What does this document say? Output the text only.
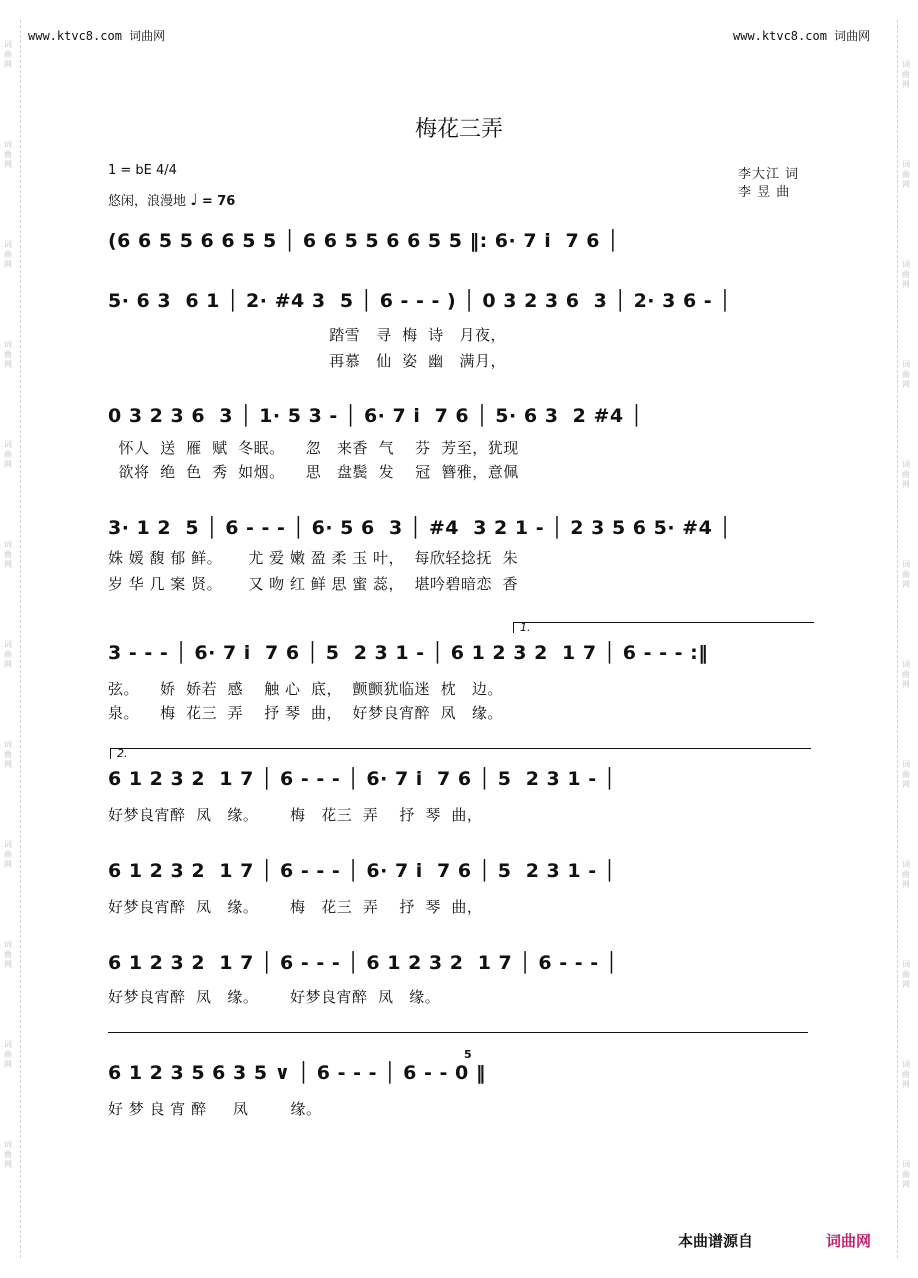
词曲网
词曲网
词曲网
词曲网
词曲网
词曲网
词曲网
词曲网
词曲网
词曲网
词曲网
词曲网
词曲网
词曲网
词曲网
词曲网
词曲网
词曲网
词曲网
词曲网
词曲网
词曲网
词曲网
词曲网
www.ktvc8.com 词曲网	www.ktvc8.com 词曲网
梅花三弄
1 = bE 4/4
悠闲，浪漫地 ♩ = 76
李大江 词
李 昱 曲
(6 6 5 5 6 6 5 5 │ 6 6 5 5 6 6 5 5 ‖: 6· 7 i  7 6 │
5· 6 3  6 1 │ 2· #4 3  5 │ 6 - - - ) │ 0 3 2 3 6  3 │ 2· 3 6 - │
踏雪   寻  梅  诗   月夜，
再慕   仙  姿  幽   满月，
0 3 2 3 6  3 │ 1· 5 3 - │ 6· 7 i  7 6 │ 5· 6 3  2 #4 │
怀人  送  雁  赋  冬眠。    忽   来香  气    芬  芳至，犹现
欲将  绝  色  秀  如烟。    思   盘鬓  发    冠  簪雅，意佩
3· 1 2  5 │ 6 - - - │ 6· 5 6  3 │ #4  3 2 1 - │ 2 3 5 6 5· #4 │
姝 媛 馥 郁 鲜。     尤 爱 嫩 盈 柔 玉 叶，  每欣轻捻抚  朱
岁 华 几 案 贤。     又 吻 红 鲜 思 蜜 蕊，  堪吟碧暗恋  香
1.
3 - - - │ 6· 7 i  7 6 │ 5  2 3 1 - │ 6 1 2 3 2  1 7 │ 6 - - - :‖
弦。    娇  娇若  感    触 心  底，  颤颤犹临迷  枕   边。
泉。    梅  花三  弄    抒 琴  曲，  好梦良宵醉  凤   缘。
2.
6 1 2 3 2  1 7 │ 6 - - - │ 6· 7 i  7 6 │ 5  2 3 1 - │
好梦良宵醉  凤   缘。      梅   花三  弄    抒  琴  曲，
6 1 2 3 2  1 7 │ 6 - - - │ 6· 7 i  7 6 │ 5  2 3 1 - │
好梦良宵醉  凤   缘。      梅   花三  弄    抒  琴  曲，
6 1 2 3 2  1 7 │ 6 - - - │ 6 1 2 3 2  1 7 │ 6 - - - │
好梦良宵醉  凤   缘。      好梦良宵醉  凤   缘。
5
6 1 2 3 5 6 3 5 ∨ │ 6 - - - │ 6 - - 0 ‖
好 梦 良 宵 醉     凤        缘。
本曲谱源自	词曲网
